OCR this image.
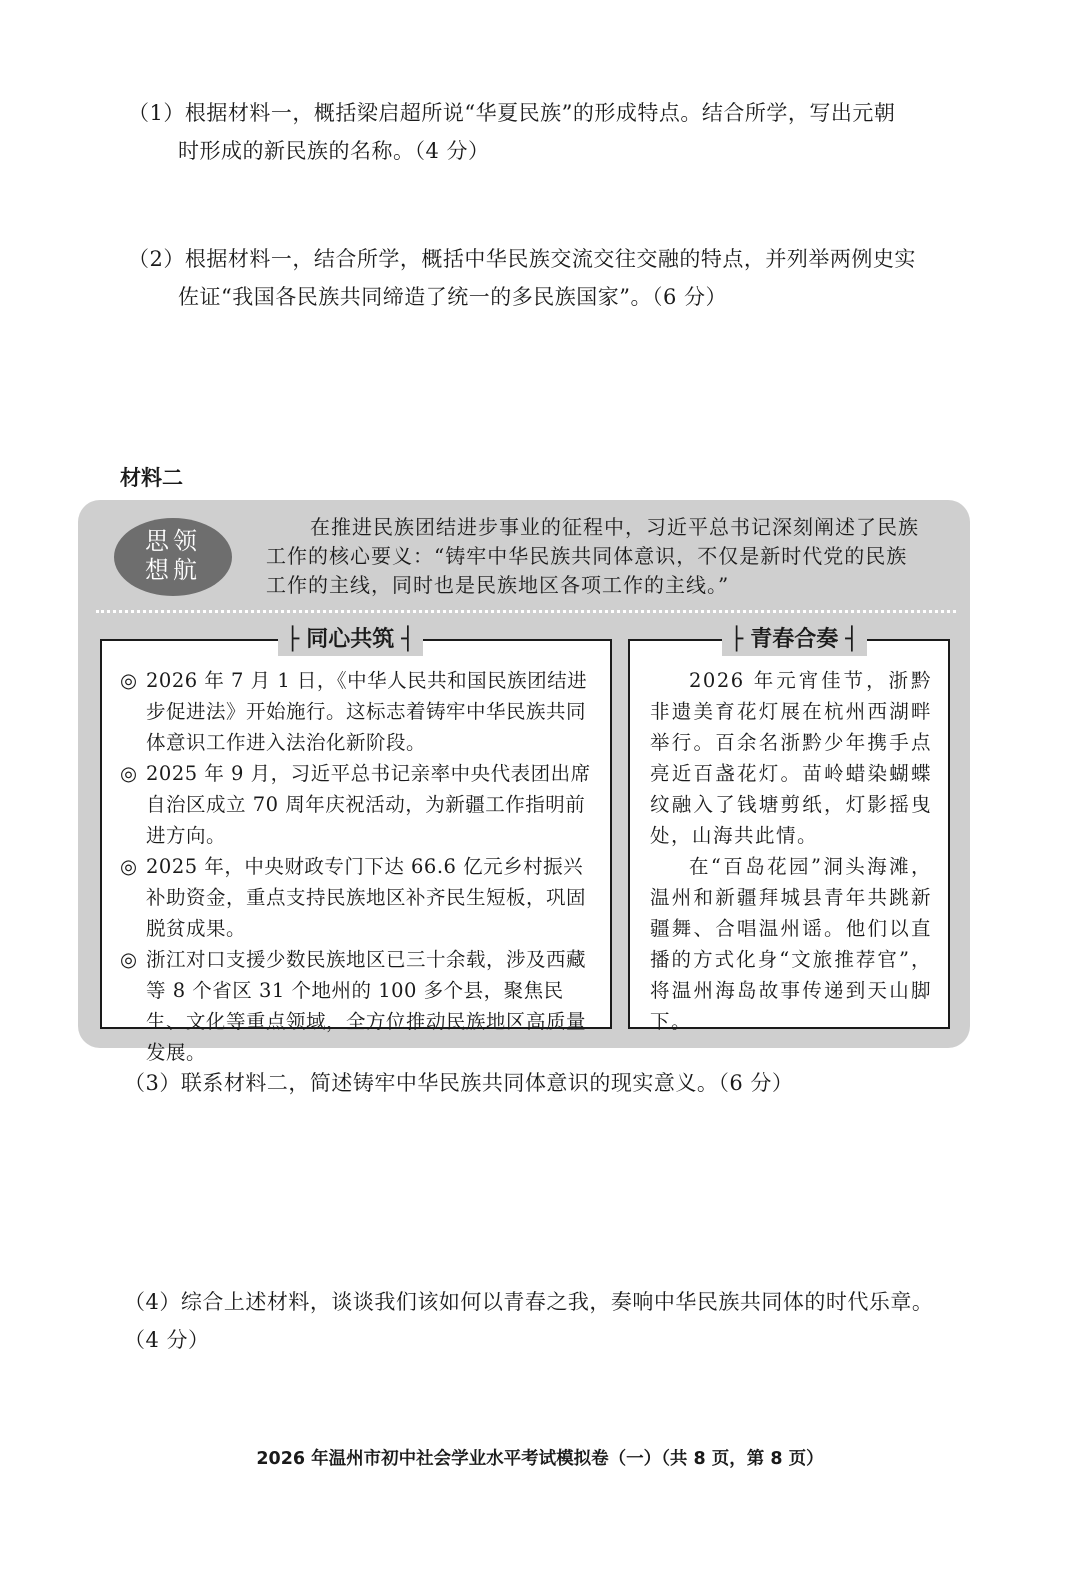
（1）根据材料一，概括梁启超所说“华夏民族”的形成特点。结合所学，写出元朝
时形成的新民族的名称。（4 分）
（2）根据材料一，结合所学，概括中华民族交流交往交融的特点，并列举两例史实
佐证“我国各民族共同缔造了统一的多民族国家”。（6 分）
材料二
思领
想航
在推进民族团结进步事业的征程中，习近平总书记深刻阐述了民族
工作的核心要义：“铸牢中华民族共同体意识，不仅是新时代党的民族
工作的主线，同时也是民族地区各项工作的主线。”
├ 同心共筑 ┤
◎ 2026 年 7 月 1 日，《中华人民共和国民族团结进步促进法》开始施行。这标志着铸牢中华民族共同体意识工作进入法治化新阶段。
◎ 2025 年 9 月，习近平总书记亲率中央代表团出席自治区成立 70 周年庆祝活动，为新疆工作指明前进方向。
◎ 2025 年，中央财政专门下达 66.6 亿元乡村振兴补助资金，重点支持民族地区补齐民生短板，巩固脱贫成果。
◎ 浙江对口支援少数民族地区已三十余载，涉及西藏等 8 个省区 31 个地州的 100 多个县，聚焦民生、文化等重点领域，全方位推动民族地区高质量发展。
├ 青春合奏 ┤

2026 年元宵佳节，浙黔非遗美育花灯展在杭州西湖畔举行。百余名浙黔少年携手点亮近百盏花灯。苗岭蜡染蝴蝶纹融入了钱塘剪纸，灯影摇曳处，山海共此情。

在“百岛花园”洞头海滩，温州和新疆拜城县青年共跳新疆舞、合唱温州谣。他们以直播的方式化身“文旅推荐官”，将温州海岛故事传递到天山脚下。

（3）联系材料二，简述铸牢中华民族共同体意识的现实意义。（6 分）
（4）综合上述材料，谈谈我们该如何以青春之我，奏响中华民族共同体的时代乐章。
（4 分）
2026 年温州市初中社会学业水平考试模拟卷（一）（共 8 页，第 8 页）
